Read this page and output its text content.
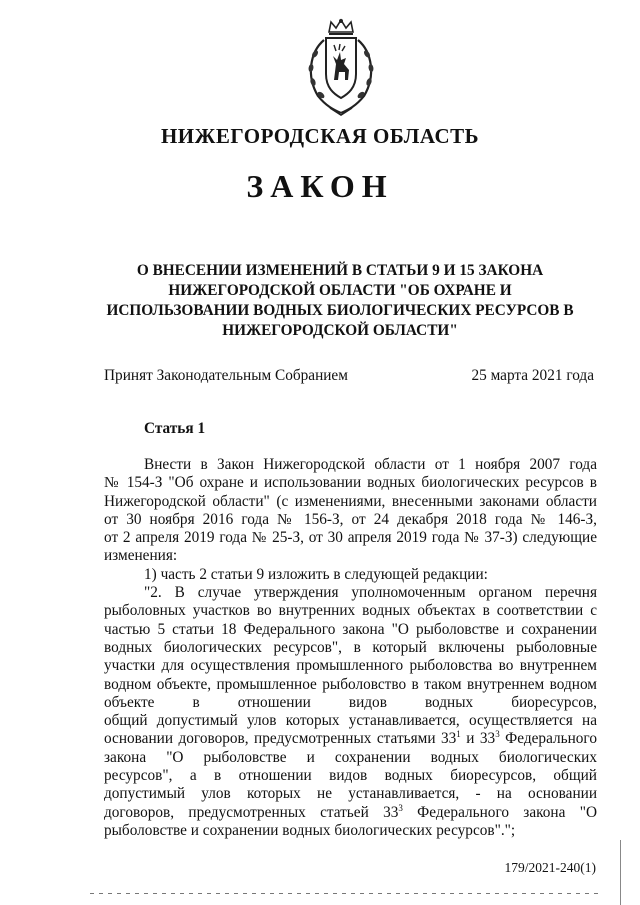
НИЖЕГОРОДСКАЯ ОБЛАСТЬ
ЗАКОН
О ВНЕСЕНИИ ИЗМЕНЕНИЙ В СТАТЬИ 9 И 15 ЗАКОНА
НИЖЕГОРОДСКОЙ ОБЛАСТИ "ОБ ОХРАНЕ И
ИСПОЛЬЗОВАНИИ ВОДНЫХ БИОЛОГИЧЕСКИХ РЕСУРСОВ В
НИЖЕГОРОДСКОЙ ОБЛАСТИ"
Принят Законодательным Собранием	25 марта 2021 года
Статья 1
Внести в Закон Нижегородской области от 1 ноября 2007 года
№ 154-З "Об охране и использовании водных биологических ресурсов в
Нижегородской области" (с изменениями, внесенными законами области
от 30 ноября 2016 года № 156-З, от 24 декабря 2018 года № 146-З,
от 2 апреля 2019 года № 25-З, от 30 апреля 2019 года № 37-З) следующие
изменения:
1) часть 2 статьи 9 изложить в следующей редакции:
"2. В случае утверждения уполномоченным органом перечня
рыболовных участков во внутренних водных объектах в соответствии с
частью 5 статьи 18 Федерального закона "О рыболовстве и сохранении
водных биологических ресурсов", в который включены рыболовные
участки для осуществления промышленного рыболовства во внутреннем
водном объекте, промышленное рыболовство в таком внутреннем водном
объекте в отношении видов водных биоресурсов,
общий допустимый улов которых устанавливается, осуществляется на
основании договоров, предусмотренных статьями $33^1$ и $33^3$ Федерального
закона "О рыболовстве и сохранении водных биологических
ресурсов", а в отношении видов водных биоресурсов, общий
допустимый улов которых не устанавливается, - на основании
договоров, предусмотренных статьей $33^3$ Федерального закона "О
рыболовстве и сохранении водных биологических ресурсов".";
179/2021-240(1)
